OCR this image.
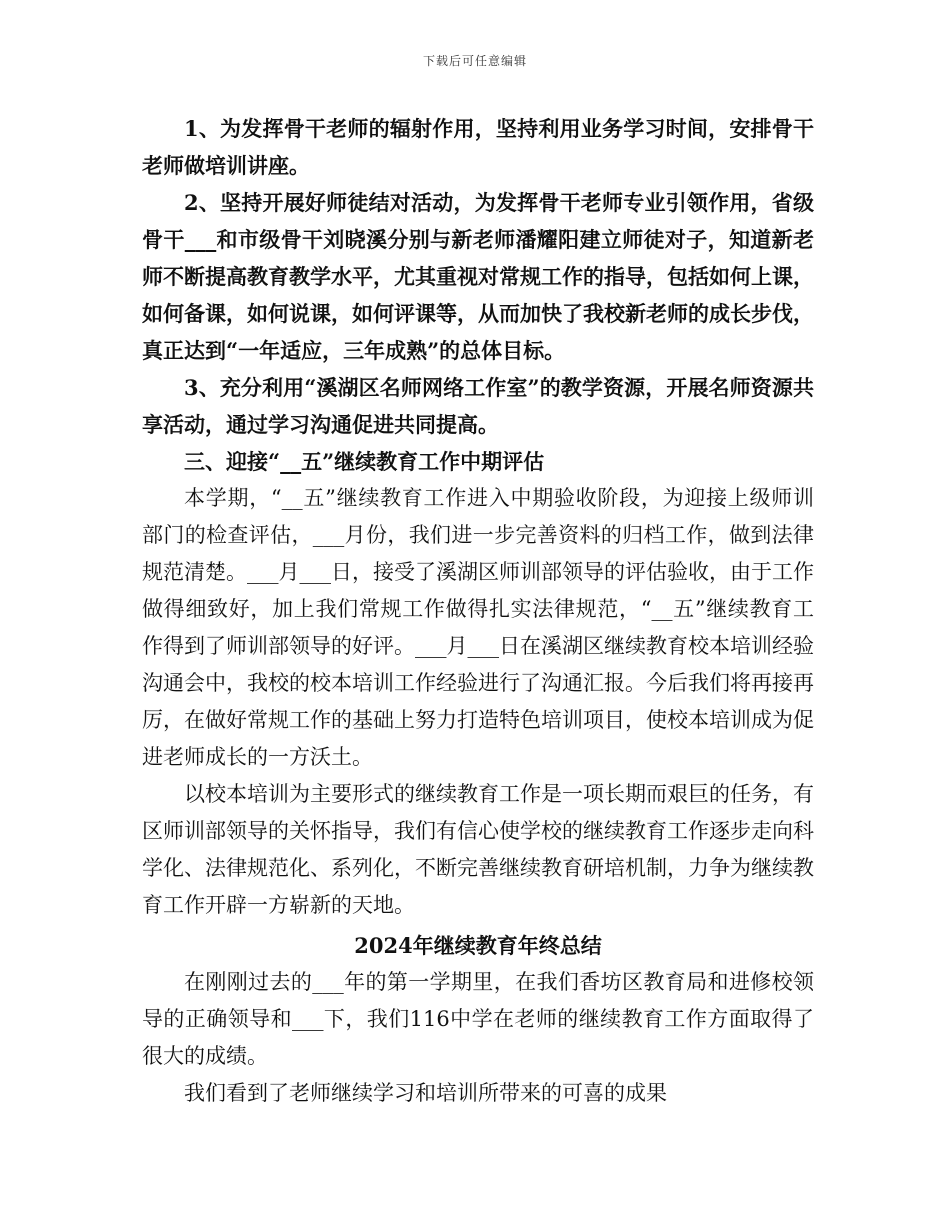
下载后可任意编辑

1、为发挥骨干老师的辐射作用，坚持利用业务学习时间，安排骨干老师做培训讲座。

2、坚持开展好师徒结对活动，为发挥骨干老师专业引领作用，省级骨干___和市级骨干刘晓溪分别与新老师潘耀阳建立师徒对子，知道新老师不断提高教育教学水平，尤其重视对常规工作的指导，包括如何上课，如何备课，如何说课，如何评课等，从而加快了我校新老师的成长步伐，真正达到“一年适应，三年成熟”的总体目标。

3、充分利用“溪湖区名师网络工作室”的教学资源，开展名师资源共享活动，通过学习沟通促进共同提高。

三、迎接“__五”继续教育工作中期评估

本学期，“__五”继续教育工作进入中期验收阶段，为迎接上级师训部门的检查评估，___月份，我们进一步完善资料的归档工作，做到法律规范清楚。___月___日，接受了溪湖区师训部领导的评估验收，由于工作做得细致好，加上我们常规工作做得扎实法律规范，“__五”继续教育工作得到了师训部领导的好评。___月___日在溪湖区继续教育校本培训经验沟通会中，我校的校本培训工作经验进行了沟通汇报。今后我们将再接再厉，在做好常规工作的基础上努力打造特色培训项目，使校本培训成为促进老师成长的一方沃土。

以校本培训为主要形式的继续教育工作是一项长期而艰巨的任务，有区师训部领导的关怀指导，我们有信心使学校的继续教育工作逐步走向科学化、法律规范化、系列化，不断完善继续教育研培机制，力争为继续教育工作开辟一方崭新的天地。

2024年继续教育年终总结

在刚刚过去的___年的第一学期里，在我们香坊区教育局和进修校领导的正确领导和___下，我们116中学在老师的继续教育工作方面取得了很大的成绩。

我们看到了老师继续学习和培训所带来的可喜的成果
